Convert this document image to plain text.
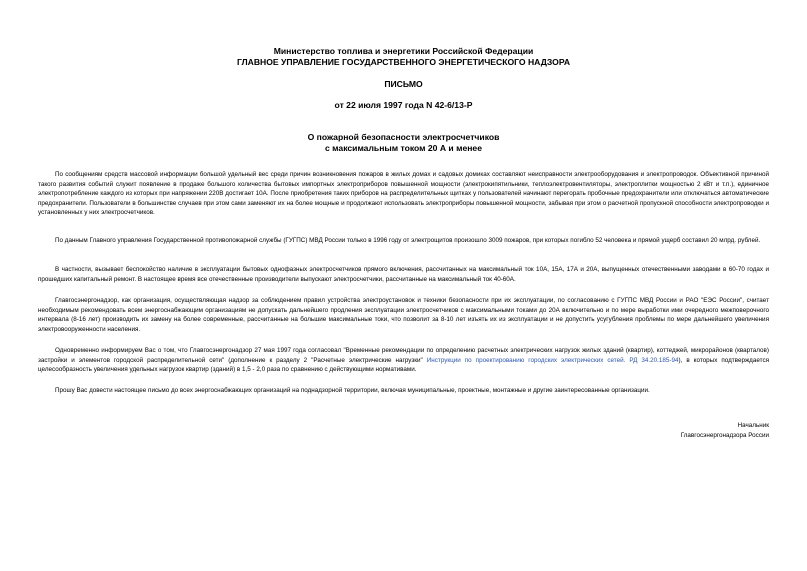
Министерство топлива и энергетики Российской Федерации
ГЛАВНОЕ УПРАВЛЕНИЕ ГОСУДАРСТВЕННОГО ЭНЕРГЕТИЧЕСКОГО НАДЗОРА
ПИСЬМО
от 22 июля 1997 года N 42-6/13-Р
О пожарной безопасности электросчетчиков
с максимальным током 20 А и менее

По сообщениям средств массовой информации большой удельный вес среди причин возникновения пожаров в жилых домах и садовых домиках составляют неисправности электрооборудования и электропроводок. Объективной причиной такого развития событий служит появление в продаже большого количества бытовых импортных электроприборов повышенной мощности (электрокипятильники, теплоэлектровентиляторы, электроплитки мощностью 2 кВт и т.п.), единичное электропотребление каждого из которых при напряжении 220В достигает 10А. После приобретения таких приборов на распределительных щитках у пользователей начинают перегорать пробочные предохранители или отключаться автоматические предохранители. Пользователи в большинстве случаев при этом сами заменяют их на более мощные и продолжают использовать электроприборы повышенной мощности, забывая при этом о расчетной пропускной способности электропроводки и установленных у них электросчетчиков.

По данным Главного управления Государственной противопожарной службы (ГУГПС) МВД России только в 1996 году от электрощитов произошло 3009 пожаров, при которых погибло 52 человека и прямой ущерб составил 20 млрд. рублей.

В частности, вызывает беспокойство наличие в эксплуатации бытовых однофазных электросчетчиков прямого включения, рассчитанных на максимальный ток 10А, 15А, 17А и 20А, выпущенных отечественными заводами в 60-70 годах и прошедших капитальный ремонт. В настоящее время все отечественные производители выпускают электросчетчики, рассчитанные на максимальный ток 40-60А.

Главгосэнергонадзор, как организация, осуществляющая надзор за соблюдением правил устройства электроустановок и техники безопасности при их эксплуатации, по согласованию с ГУГПС МВД России и РАО "ЕЭС России", считает необходимым рекомендовать всем энергоснабжающим организациям не допускать дальнейшего продления эксплуатации электросчетчиков с максимальными токами до 20А включительно и по мере выработки ими очередного межповерочного интервала (8-16 лет) производить их замену на более современные, рассчитанные на большие максимальные токи, что позволит за 8-10 лет изъять их из эксплуатации и не допустить усугубления проблемы по мере дальнейшего увеличения электровооруженности населения.

Одновременно информируем Вас о том, что Главгосэнергонадзор 27 мая 1997 года согласовал "Временные рекомендации по определению расчетных электрических нагрузок жилых зданий (квартир), коттеджей, микрорайонов (кварталов) застройки и элементов городской распределительной сети" (дополнение к разделу 2 "Расчетные электрические нагрузки" Инструкции по проектированию городских электрических сетей. РД 34.20.185-94), в которых подтверждается целесообразность увеличения удельных нагрузок квартир (зданий) в 1,5 - 2,0 раза по сравнению с действующими нормативами.

Прошу Вас довести настоящее письмо до всех энергоснабжающих организаций на поднадзорной территории, включая муниципальные, проектные, монтажные и другие заинтересованные организации.

Начальник
Главгосэнергонадзора России
